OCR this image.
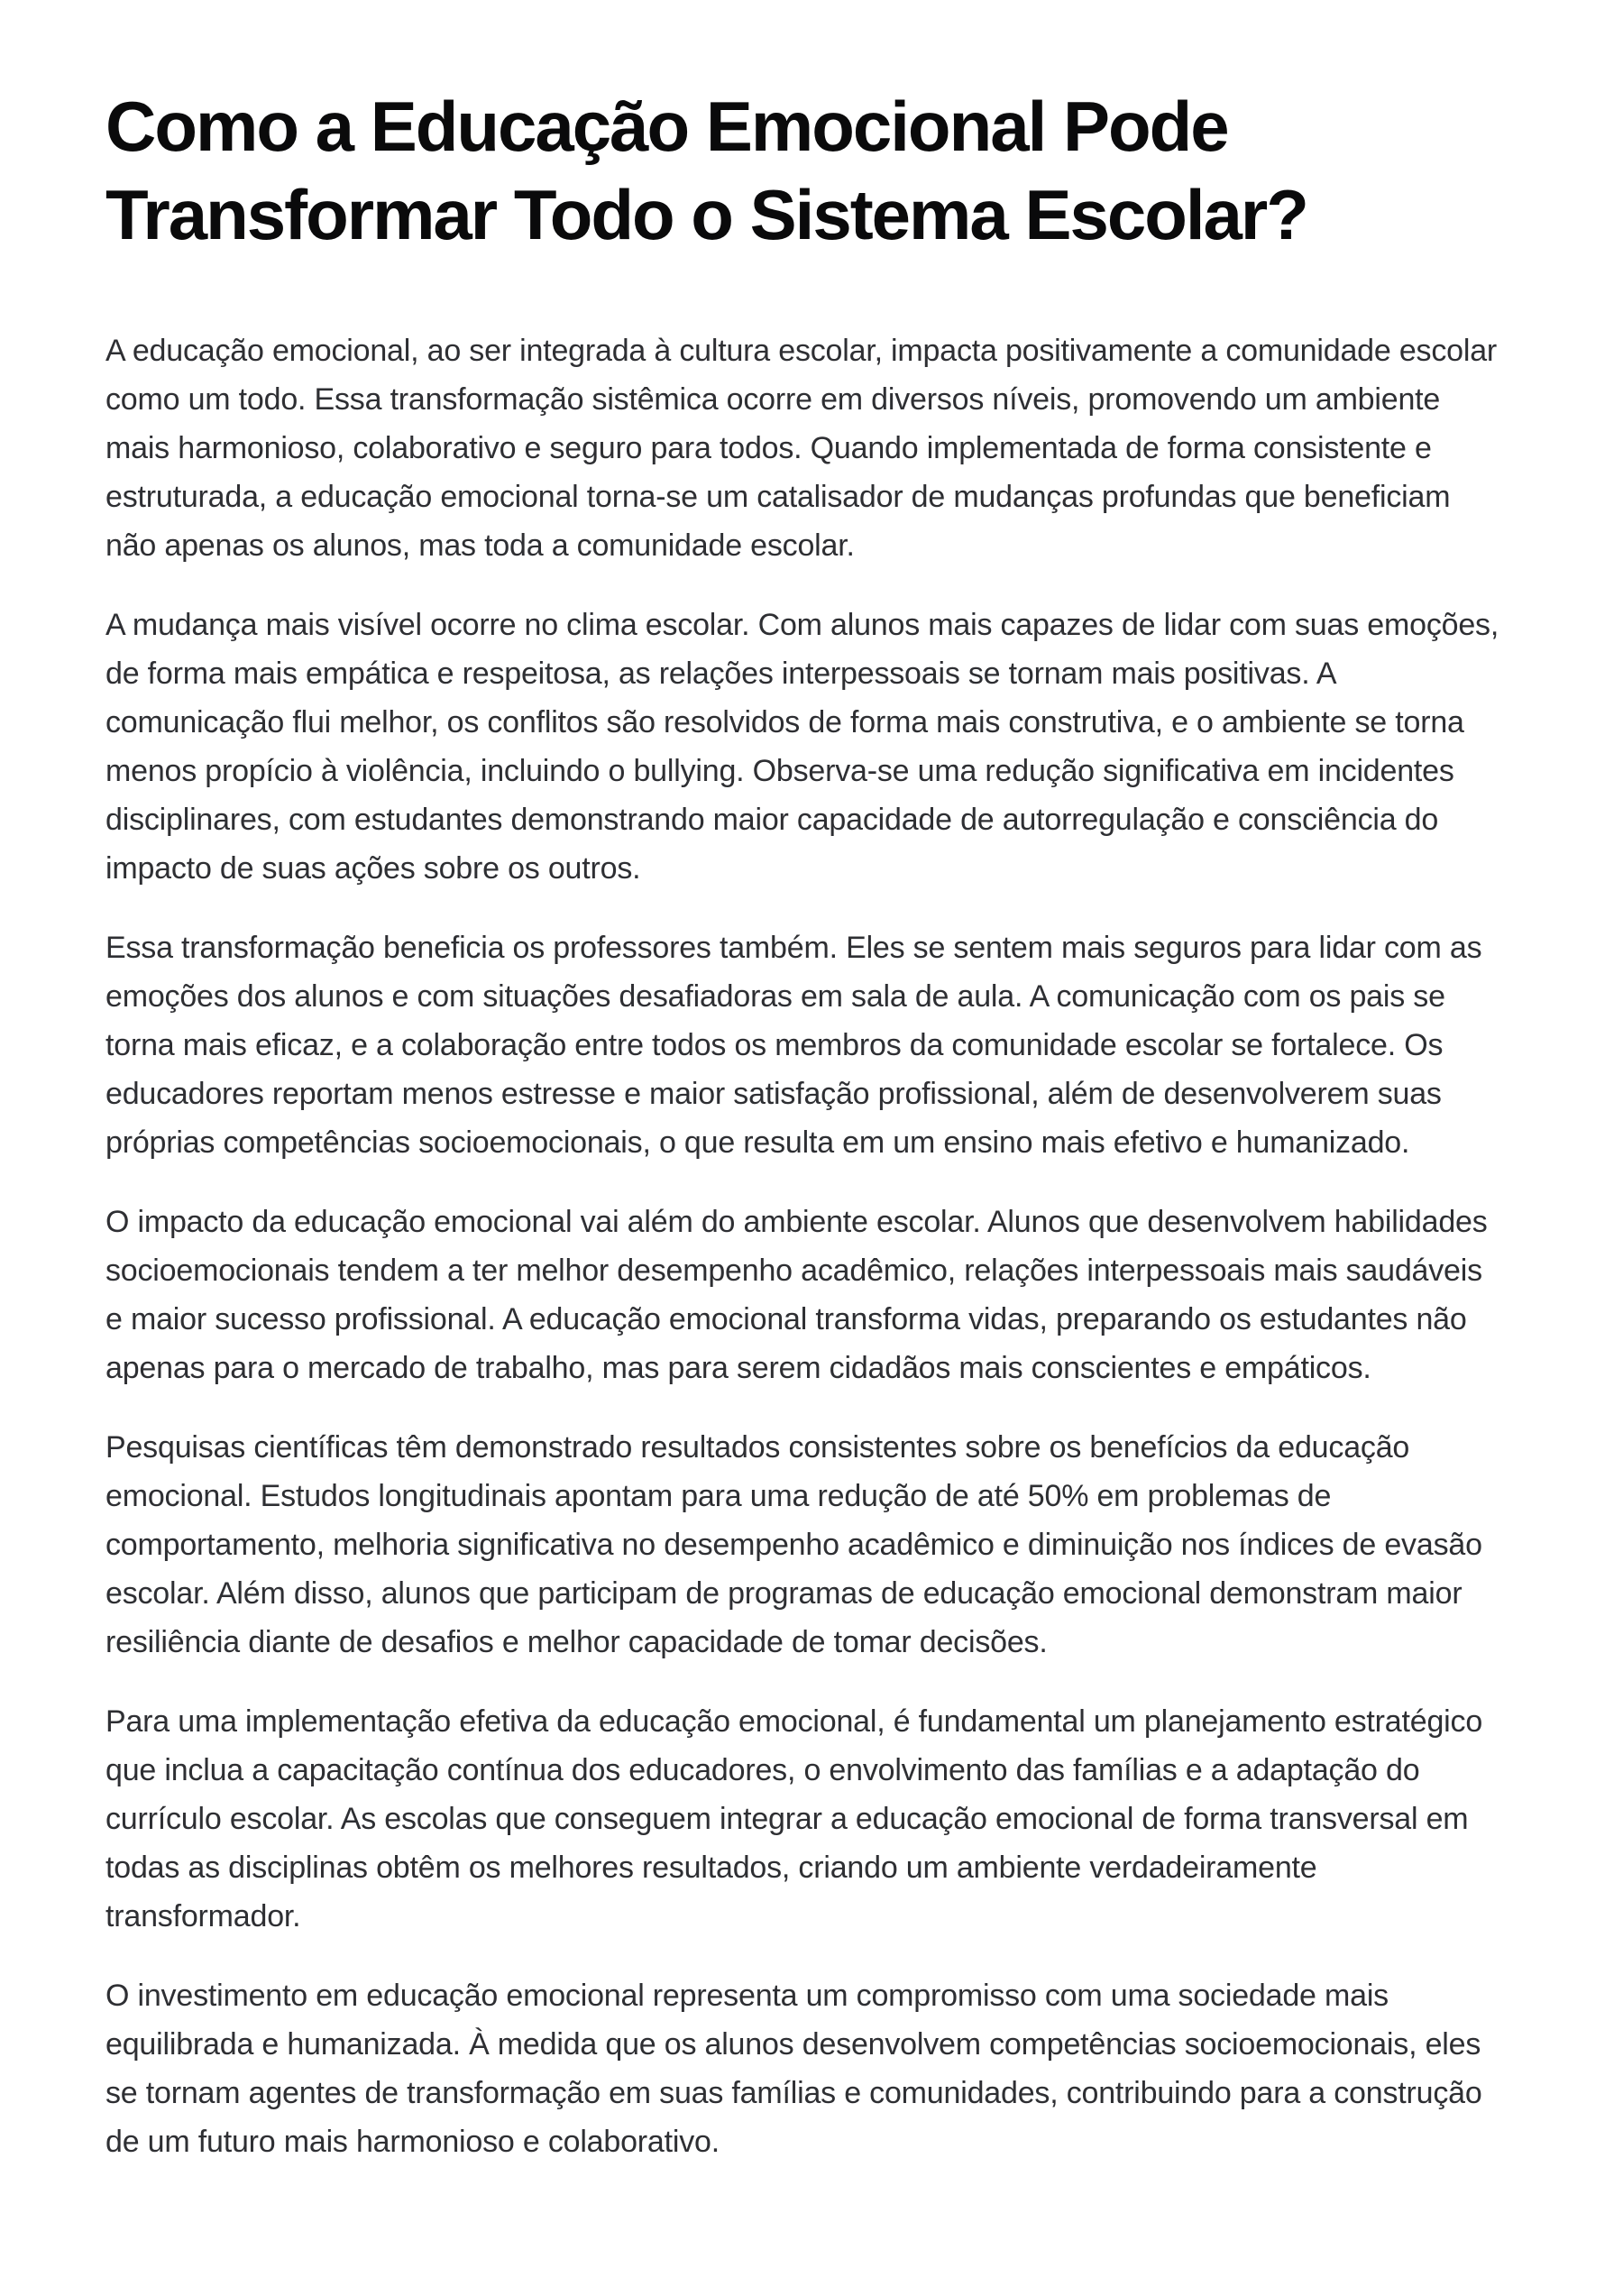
Como a Educação Emocional Pode Transformar Todo o Sistema Escolar?

A educação emocional, ao ser integrada à cultura escolar, impacta positivamente a comunidade escolar como um todo. Essa transformação sistêmica ocorre em diversos níveis, promovendo um ambiente mais harmonioso, colaborativo e seguro para todos. Quando implementada de forma consistente e estruturada, a educação emocional torna-se um catalisador de mudanças profundas que beneficiam não apenas os alunos, mas toda a comunidade escolar.

A mudança mais visível ocorre no clima escolar. Com alunos mais capazes de lidar com suas emoções, de forma mais empática e respeitosa, as relações interpessoais se tornam mais positivas. A comunicação flui melhor, os conflitos são resolvidos de forma mais construtiva, e o ambiente se torna menos propício à violência, incluindo o bullying. Observa-se uma redução significativa em incidentes disciplinares, com estudantes demonstrando maior capacidade de autorregulação e consciência do impacto de suas ações sobre os outros.

Essa transformação beneficia os professores também. Eles se sentem mais seguros para lidar com as emoções dos alunos e com situações desafiadoras em sala de aula. A comunicação com os pais se torna mais eficaz, e a colaboração entre todos os membros da comunidade escolar se fortalece. Os educadores reportam menos estresse e maior satisfação profissional, além de desenvolverem suas próprias competências socioemocionais, o que resulta em um ensino mais efetivo e humanizado.

O impacto da educação emocional vai além do ambiente escolar. Alunos que desenvolvem habilidades socioemocionais tendem a ter melhor desempenho acadêmico, relações interpessoais mais saudáveis e maior sucesso profissional. A educação emocional transforma vidas, preparando os estudantes não apenas para o mercado de trabalho, mas para serem cidadãos mais conscientes e empáticos.

Pesquisas científicas têm demonstrado resultados consistentes sobre os benefícios da educação emocional. Estudos longitudinais apontam para uma redução de até 50% em problemas de comportamento, melhoria significativa no desempenho acadêmico e diminuição nos índices de evasão escolar. Além disso, alunos que participam de programas de educação emocional demonstram maior resiliência diante de desafios e melhor capacidade de tomar decisões.

Para uma implementação efetiva da educação emocional, é fundamental um planejamento estratégico que inclua a capacitação contínua dos educadores, o envolvimento das famílias e a adaptação do currículo escolar. As escolas que conseguem integrar a educação emocional de forma transversal em todas as disciplinas obtêm os melhores resultados, criando um ambiente verdadeiramente transformador.

O investimento em educação emocional representa um compromisso com uma sociedade mais equilibrada e humanizada. À medida que os alunos desenvolvem competências socioemocionais, eles se tornam agentes de transformação em suas famílias e comunidades, contribuindo para a construção de um futuro mais harmonioso e colaborativo.
